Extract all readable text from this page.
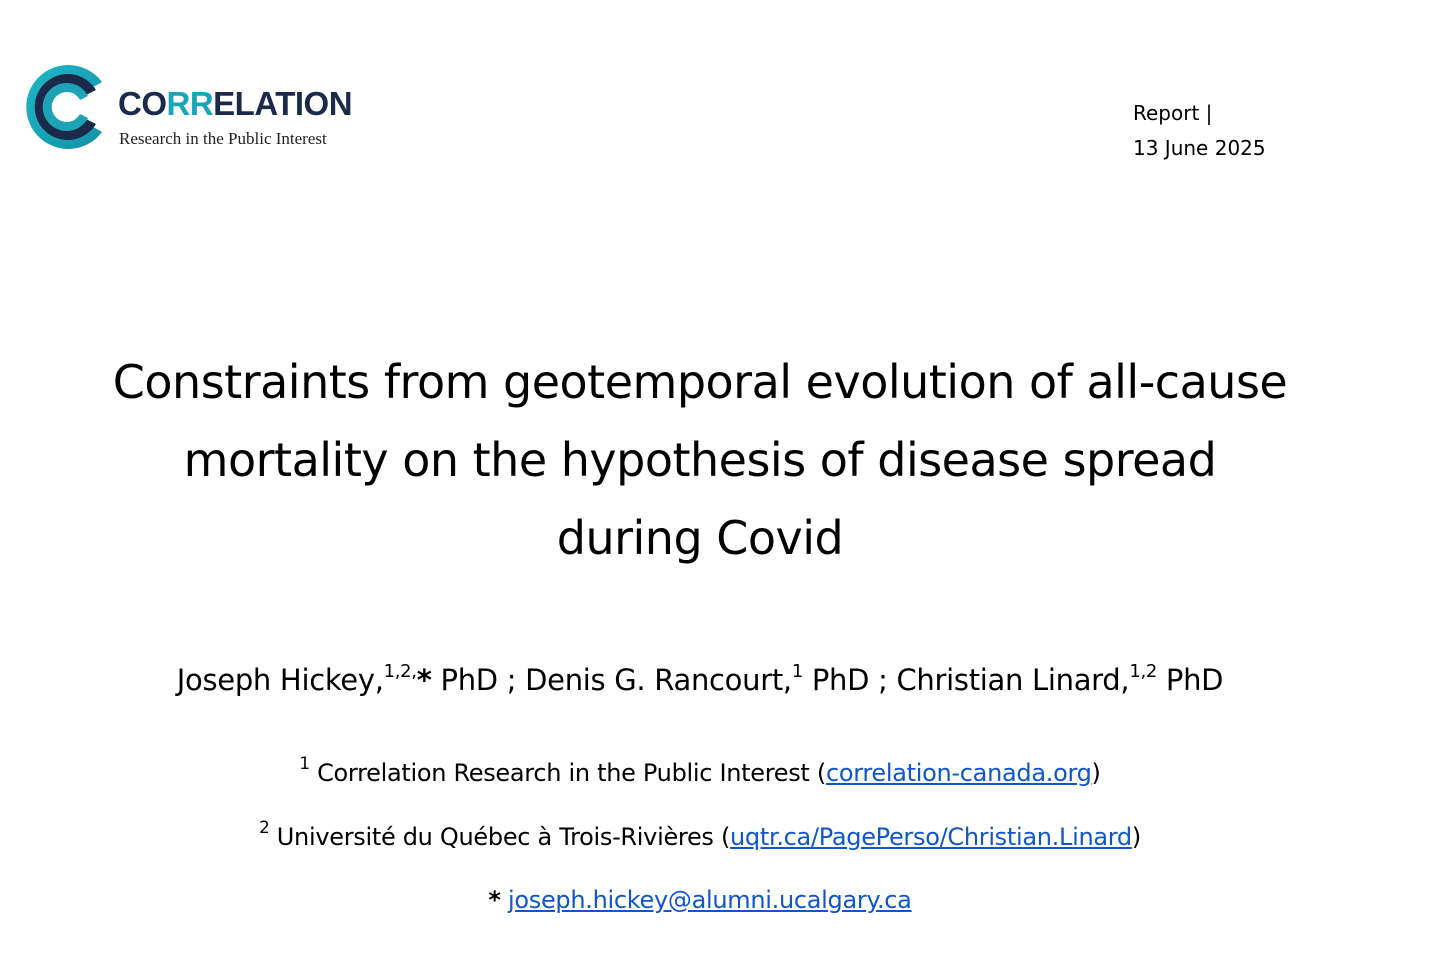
CORRELATION
Research in the Public Interest
Report |
13 June 2025
Constraints from geotemporal evolution of all-cause
mortality on the hypothesis of disease spread
during Covid
Joseph Hickey,$^{1,2,}$* PhD ; Denis G. Rancourt,$^1$ PhD ; Christian Linard,$^{1,2}$ PhD
$^1$ Correlation Research in the Public Interest (correlation-canada.org)
$^2$ Université du Québec à Trois-Rivières (uqtr.ca/PagePerso/Christian.Linard)
* joseph.hickey@alumni.ucalgary.ca
